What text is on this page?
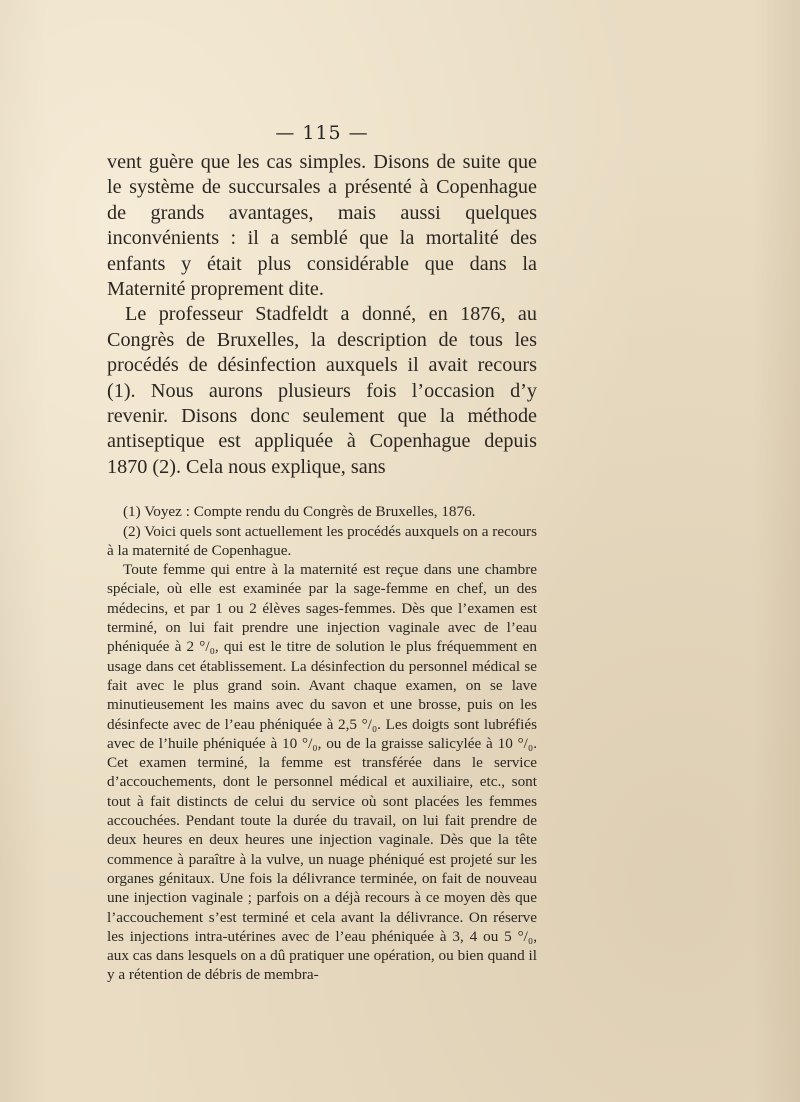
— 115 —

vent guère que les cas simples. Disons de suite que le système de succursales a présenté à Copenhague de grands avantages, mais aussi quelques inconvénients : il a semblé que la mortalité des enfants y était plus considérable que dans la Maternité proprement dite.

Le professeur Stadfeldt a donné, en 1876, au Congrès de Bruxelles, la description de tous les procédés de désinfection auxquels il avait recours (1). Nous aurons plusieurs fois l’occasion d’y revenir. Disons donc seulement que la méthode antiseptique est appliquée à Copenhague depuis 1870 (2). Cela nous explique, sans

(1) Voyez : Compte rendu du Congrès de Bruxelles, 1876.

(2) Voici quels sont actuellement les procédés auxquels on a recours à la maternité de Copenhague.

Toute femme qui entre à la maternité est reçue dans une chambre spéciale, où elle est examinée par la sage-femme en chef, un des médecins, et par 1 ou 2 élèves sages-femmes. Dès que l’examen est terminé, on lui fait prendre une injection vaginale avec de l’eau phéniquée à 2 °/₀, qui est le titre de solution le plus fréquemment en usage dans cet établissement. La désinfection du personnel médical se fait avec le plus grand soin. Avant chaque examen, on se lave minutieusement les mains avec du savon et une brosse, puis on les désinfecte avec de l’eau phéniquée à 2,5 °/₀. Les doigts sont lubréfiés avec de l’huile phéniquée à 10 °/₀, ou de la graisse salicylée à 10 °/₀. Cet examen terminé, la femme est transférée dans le service d’accouchements, dont le personnel médical et auxiliaire, etc., sont tout à fait distincts de celui du service où sont placées les femmes accouchées. Pendant toute la durée du travail, on lui fait prendre de deux heures en deux heures une injection vaginale. Dès que la tête commence à paraître à la vulve, un nuage phéniqué est projeté sur les organes génitaux. Une fois la délivrance terminée, on fait de nouveau une injection vaginale ; parfois on a déjà recours à ce moyen dès que l’accouchement s’est terminé et cela avant la délivrance. On réserve les injections intra-utérines avec de l’eau phéniquée à 3, 4 ou 5 °/₀, aux cas dans lesquels on a dû pratiquer une opération, ou bien quand il y a rétention de débris de membra-
